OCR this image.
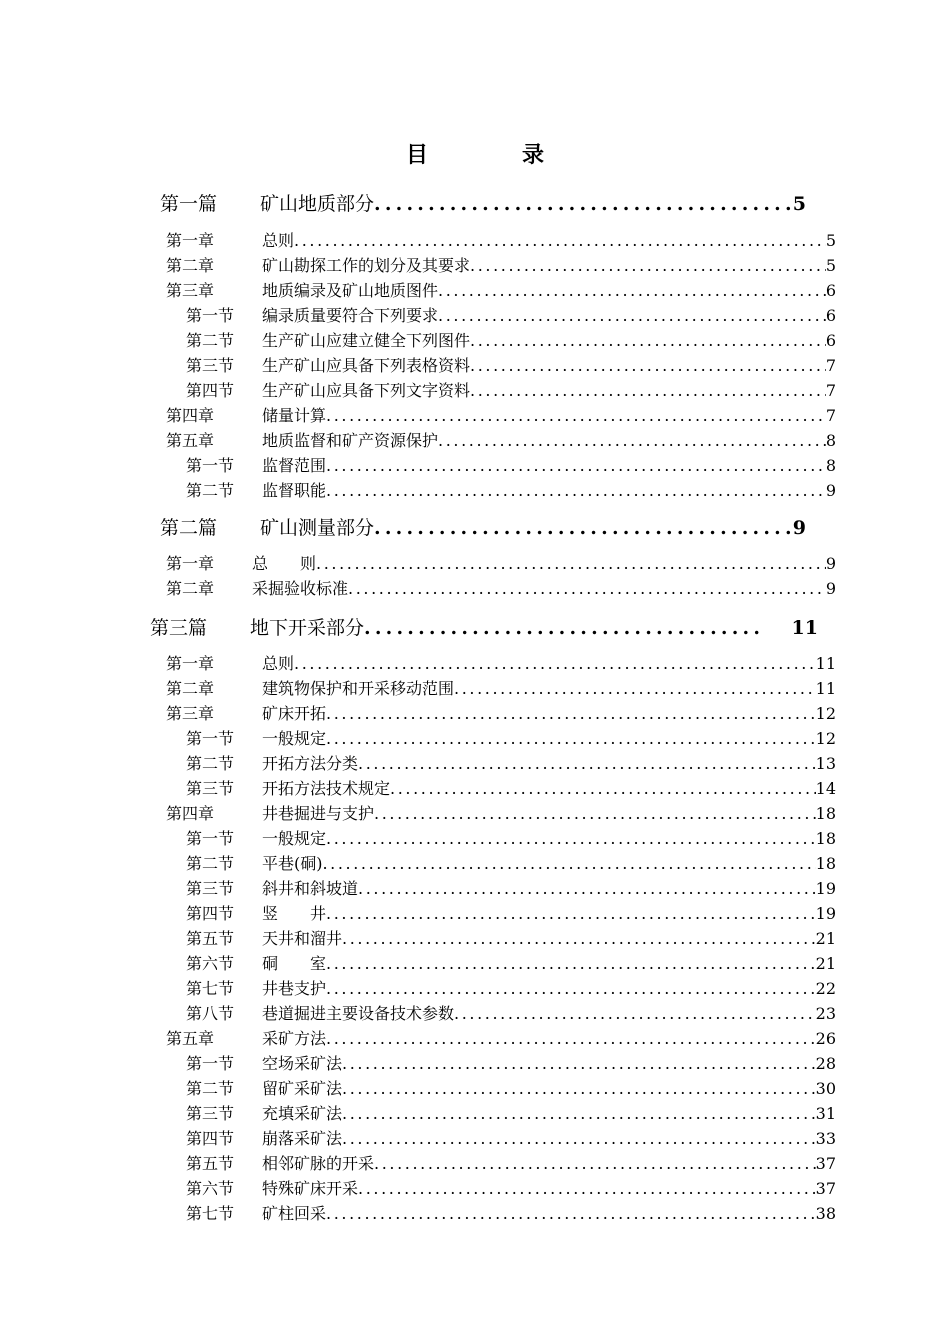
目　录
第一篇	矿山地质部分 .....	5
第一章	总则 .....	5
第二章	矿山勘探工作的划分及其要求 .....	5
第三章	地质编录及矿山地质图件 .....	6
第一节	编录质量要符合下列要求 .....	6
第二节	生产矿山应建立健全下列图件 .....	6
第三节	生产矿山应具备下列表格资料 .....	7
第四节	生产矿山应具备下列文字资料 .....	7
第四章	储量计算 .....	7
第五章	地质监督和矿产资源保护 .....	8
第一节	监督范围 .....	8
第二节	监督职能 .....	9
第二篇	矿山测量部分 .....	9
第一章	总　　则 .....	9
第二章	采掘验收标准 .....	9
第三篇	地下开采部分 .....	11
第一章	总则 .....	11
第二章	建筑物保护和开采移动范围 .....	11
第三章	矿床开拓 .....	12
第一节	一般规定 .....	12
第二节	开拓方法分类 .....	13
第三节	开拓方法技术规定 .....	14
第四章	井巷掘进与支护 .....	18
第一节	一般规定 .....	18
第二节	平巷(硐) .....	18
第三节	斜井和斜坡道 .....	19
第四节	竖　　井 .....	19
第五节	天井和溜井 .....	21
第六节	硐　　室 .....	21
第七节	井巷支护 .....	22
第八节	巷道掘进主要设备技术参数 .....	23
第五章	采矿方法 .....	26
第一节	空场采矿法 .....	28
第二节	留矿采矿法 .....	30
第三节	充填采矿法 .....	31
第四节	崩落采矿法 .....	33
第五节	相邻矿脉的开采 .....	37
第六节	特殊矿床开采 .....	37
第七节	矿柱回采 .....	38
